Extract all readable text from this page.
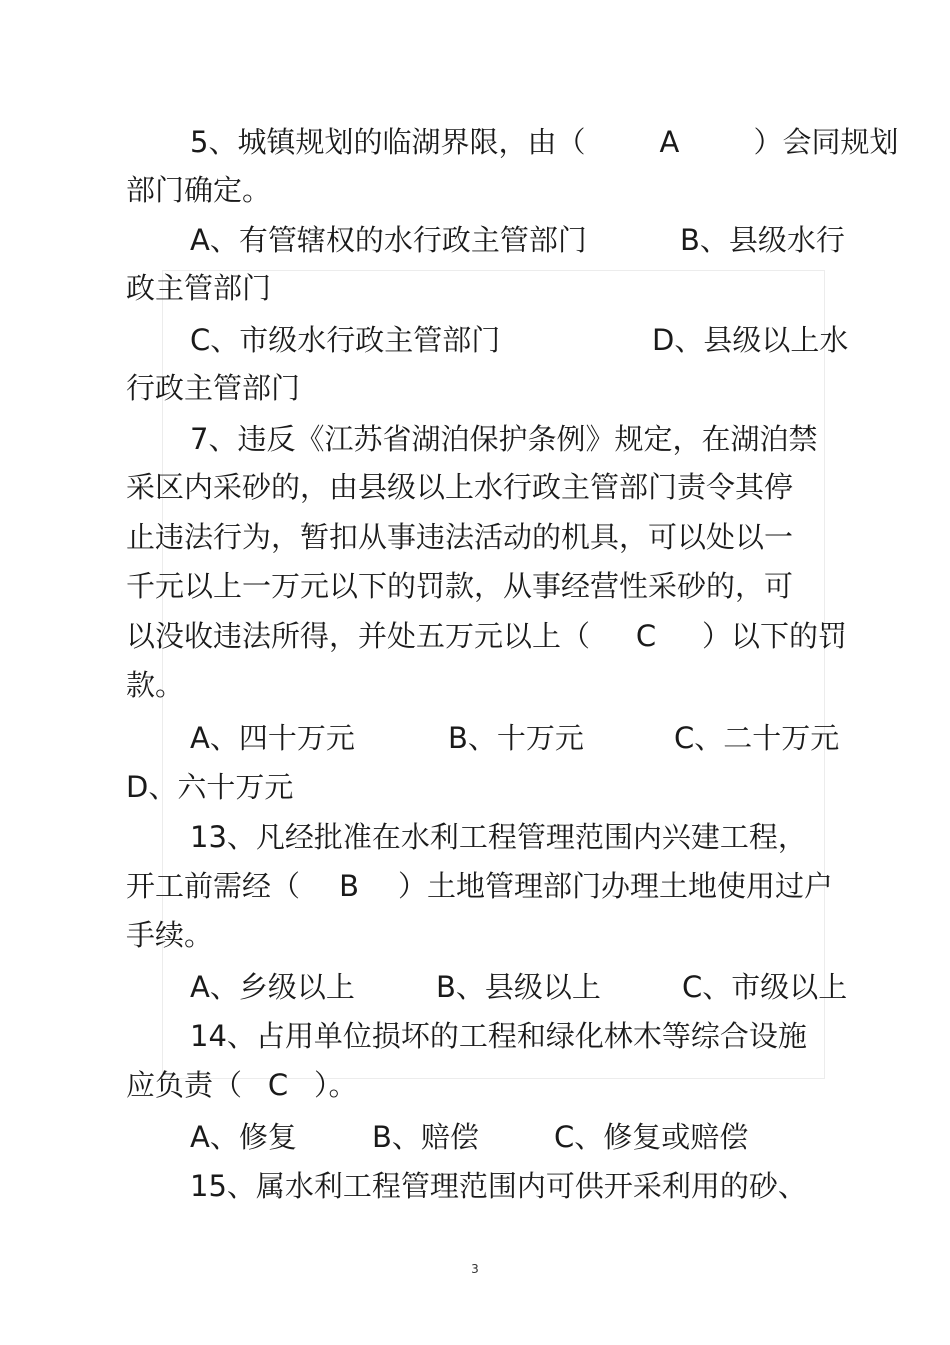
5、城镇规划的临湖界限，由（	A	）会同规划
部门确定。
A、有管辖权的水行政主管部门	B、县级水行
政主管部门
C、市级水行政主管部门	D、县级以上水
行政主管部门
7、违反《江苏省湖泊保护条例》规定，在湖泊禁
采区内采砂的，由县级以上水行政主管部门责令其停
止违法行为，暂扣从事违法活动的机具，可以处以一
千元以上一万元以下的罚款，从事经营性采砂的，可
以没收违法所得，并处五万元以上（ C ）以下的罚
款。
A、四十万元	B、十万元	C、二十万元
D、六十万元
13、凡经批准在水利工程管理范围内兴建工程，
开工前需经（ B ）土地管理部门办理土地使用过户
手续。
A、乡级以上	B、县级以上	C、市级以上
14、占用单位损坏的工程和绿化林木等综合设施
应负责（ C ）。
A、修复	B、赔偿	C、修复或赔偿
15、属水利工程管理范围内可供开采利用的砂、
3
